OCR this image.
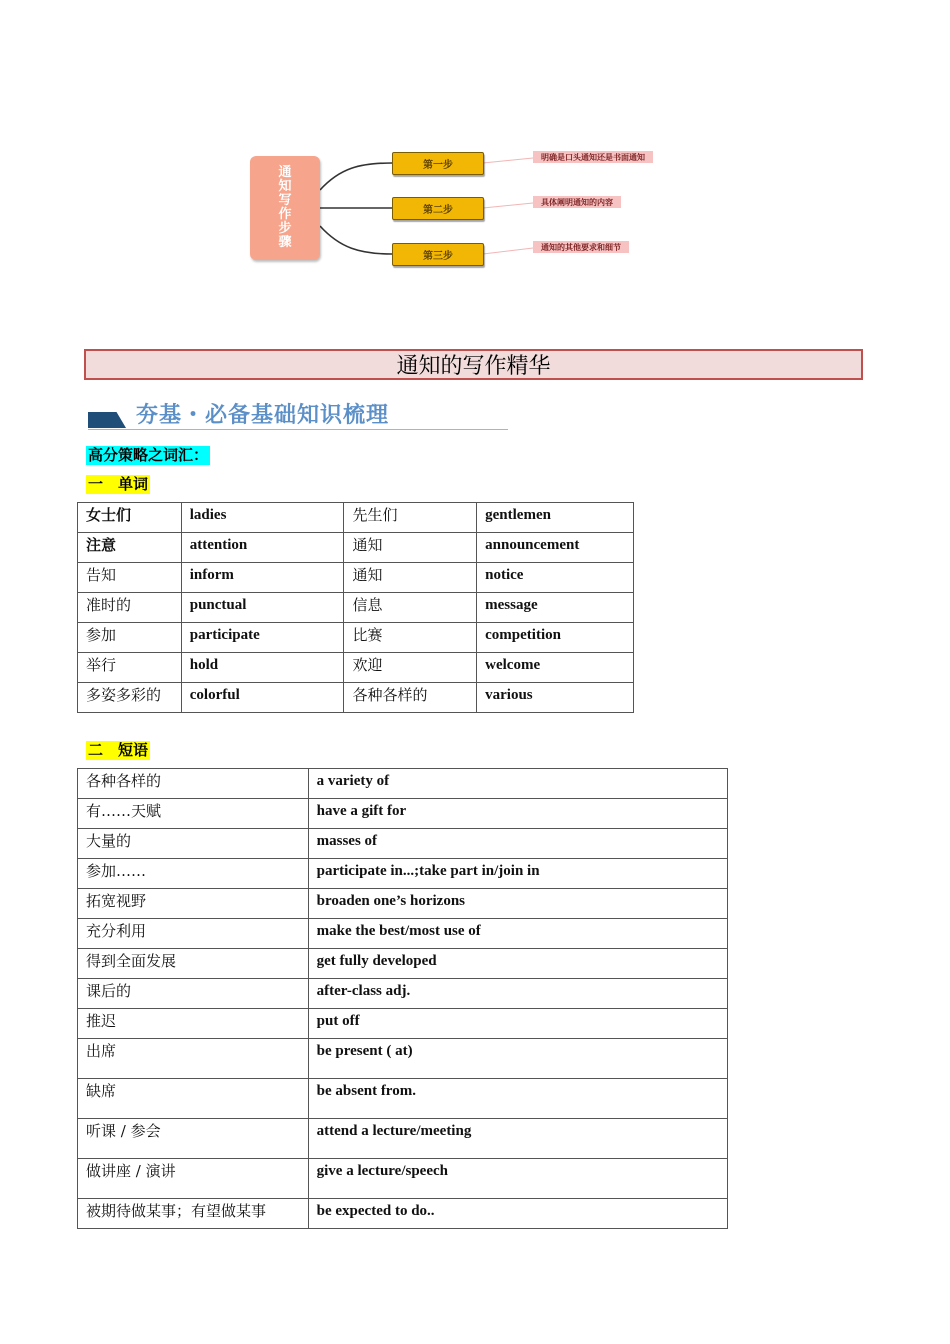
通
知
写
作
步
骤
第一步
第二步
第三步
明确是口头通知还是书面通知
具体阐明通知的内容
通知的其他要求和细节
通知的写作精华
夯基・必备基础知识梳理
高分策略之词汇：
一　单词
女士们	ladies	先生们	gentlemen
注意	attention	通知	announcement
告知	inform	通知	notice
准时的	punctual	信息	message
参加	participate	比赛	competition
举行	hold	欢迎	welcome
多姿多彩的	colorful	各种各样的	various
二　短语
各种各样的	a variety of
有……天赋	have a gift for
大量的	masses of
参加……	participate in...;take part in/join in
拓宽视野	broaden one’s horizons
充分利用	make the best/most use of
得到全面发展	get fully developed
课后的	after-class adj.
推迟	put off
出席	be present ( at)
缺席	be absent from.
听课 / 参会	attend a lecture/meeting
做讲座 / 演讲	give a lecture/speech
被期待做某事；有望做某事	be expected to do..
